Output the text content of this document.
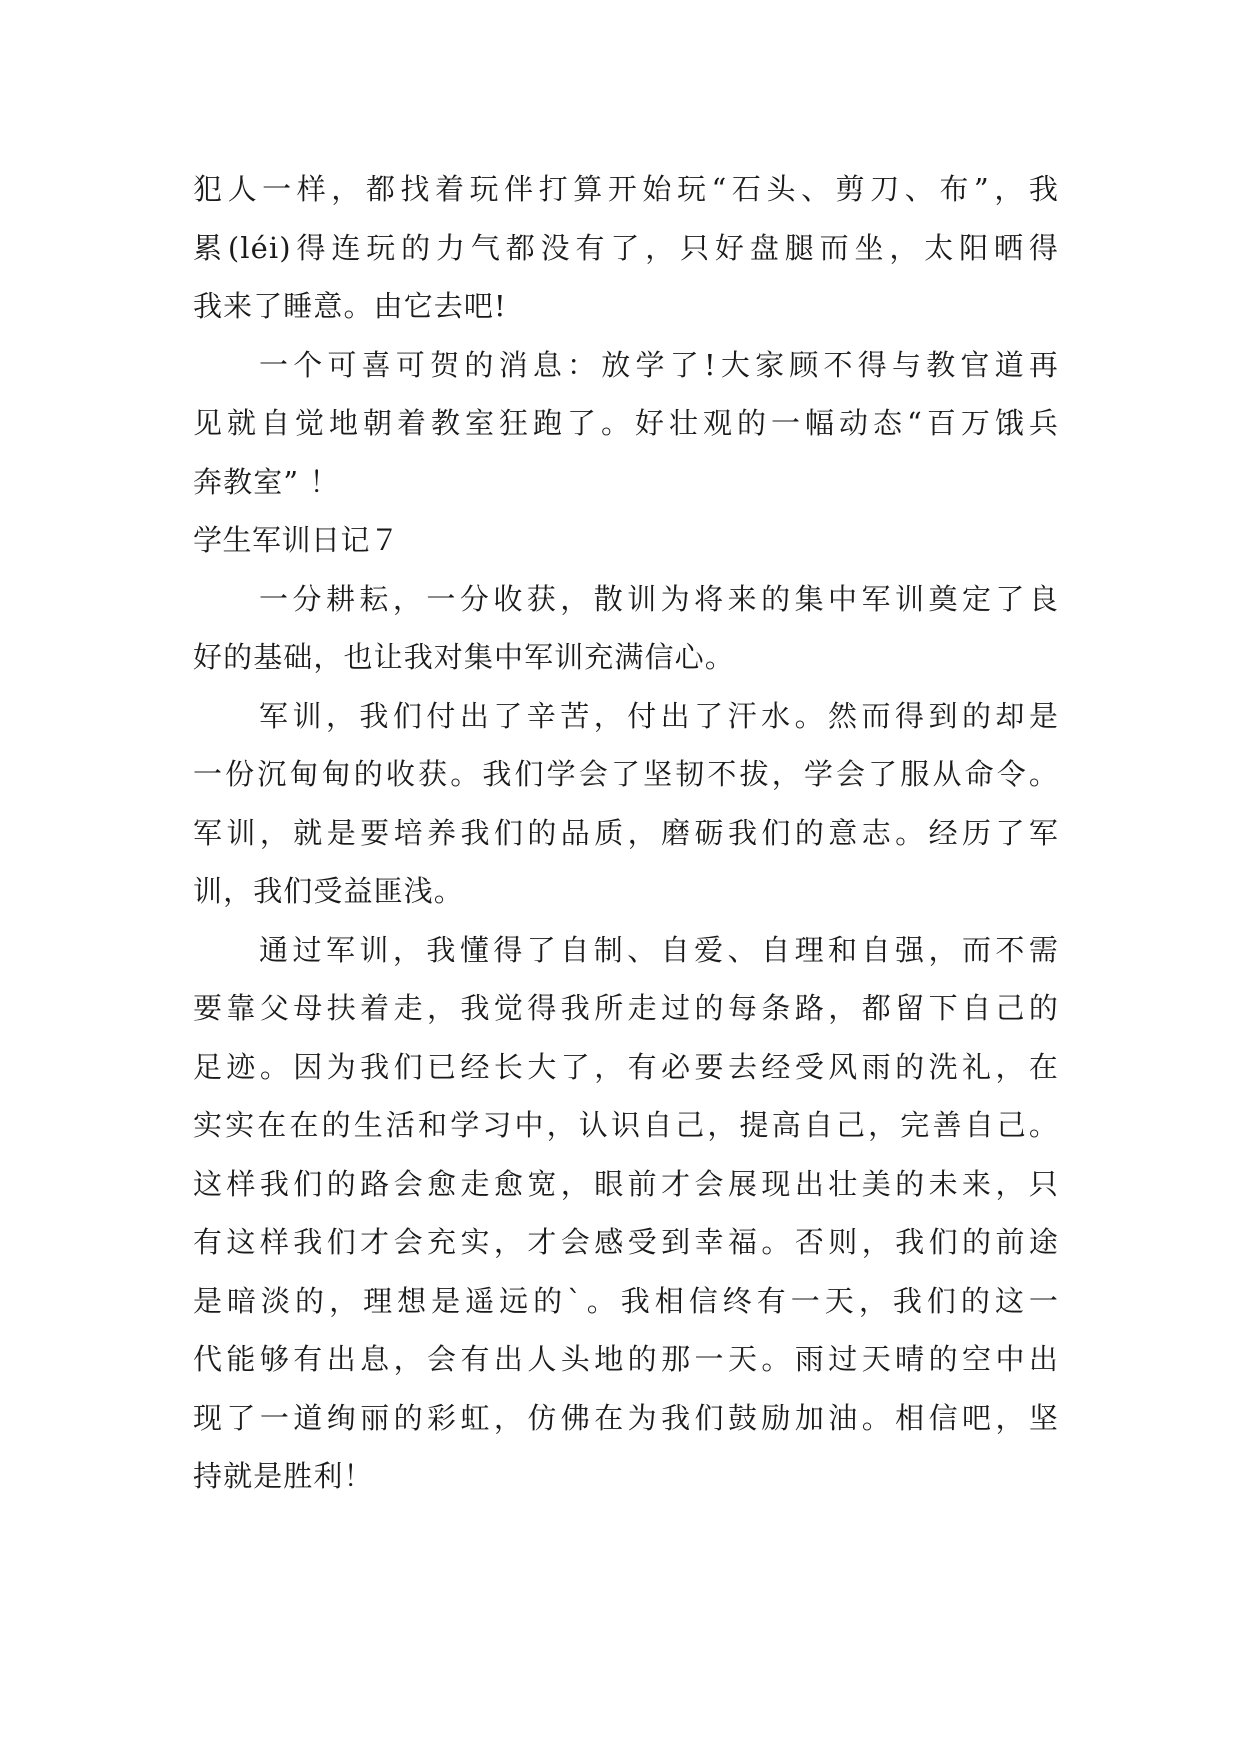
犯人一样，都找着玩伴打算开始玩“石头、剪刀、布”，我
累(léi)得连玩的力气都没有了，只好盘腿而坐，太阳晒得
我来了睡意。由它去吧!
一个可喜可贺的消息：放学了!大家顾不得与教官道再
见就自觉地朝着教室狂跑了。好壮观的一幅动态“百万饿兵
奔教室” ！
学生军训日记７
一分耕耘，一分收获，散训为将来的集中军训奠定了良
好的基础，也让我对集中军训充满信心。
军训，我们付出了辛苦，付出了汗水。然而得到的却是
一份沉甸甸的收获。我们学会了坚韧不拔，学会了服从命令。
军训，就是要培养我们的品质，磨砺我们的意志。经历了军
训，我们受益匪浅。
通过军训，我懂得了自制、自爱、自理和自强，而不需
要靠父母扶着走，我觉得我所走过的每条路，都留下自己的
足迹。因为我们已经长大了，有必要去经受风雨的洗礼，在
实实在在的生活和学习中，认识自己，提高自己，完善自己。
这样我们的路会愈走愈宽，眼前才会展现出壮美的未来，只
有这样我们才会充实，才会感受到幸福。否则，我们的前途
是暗淡的，理想是遥远的`。我相信终有一天，我们的这一
代能够有出息，会有出人头地的那一天。雨过天晴的空中出
现了一道绚丽的彩虹，仿佛在为我们鼓励加油。相信吧，坚
持就是胜利！
